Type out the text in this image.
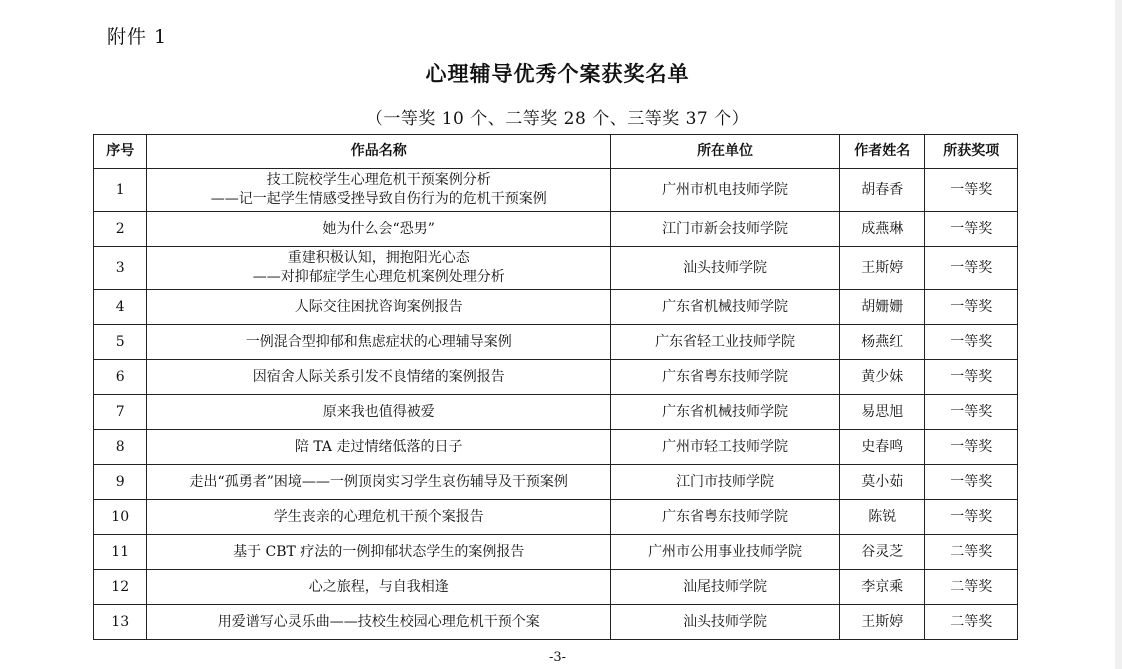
附件 1
心理辅导优秀个案获奖名单
（一等奖 10 个、二等奖 28 个、三等奖 37 个）
序号	作品名称	所在单位	作者姓名	所获奖项
1	技工院校学生心理危机干预案例分析
——记一起学生情感受挫导致自伤行为的危机干预案例	广州市机电技师学院	胡春香	一等奖
2	她为什么会“恐男”	江门市新会技师学院	成燕琳	一等奖
3	重建积极认知，拥抱阳光心态
——对抑郁症学生心理危机案例处理分析	汕头技师学院	王斯婷	一等奖
4	人际交往困扰咨询案例报告	广东省机械技师学院	胡姗姗	一等奖
5	一例混合型抑郁和焦虑症状的心理辅导案例	广东省轻工业技师学院	杨燕红	一等奖
6	因宿舍人际关系引发不良情绪的案例报告	广东省粤东技师学院	黄少妹	一等奖
7	原来我也值得被爱	广东省机械技师学院	易思旭	一等奖
8	陪 TA 走过情绪低落的日子	广州市轻工技师学院	史春鸣	一等奖
9	走出“孤勇者”困境——一例顶岗实习学生哀伤辅导及干预案例	江门市技师学院	莫小茹	一等奖
10	学生丧亲的心理危机干预个案报告	广东省粤东技师学院	陈锐	一等奖
11	基于 CBT 疗法的一例抑郁状态学生的案例报告	广州市公用事业技师学院	谷灵芝	二等奖
12	心之旅程，与自我相逢	汕尾技师学院	李京乘	二等奖
13	用爱谱写心灵乐曲——技校生校园心理危机干预个案	汕头技师学院	王斯婷	二等奖
-3-
